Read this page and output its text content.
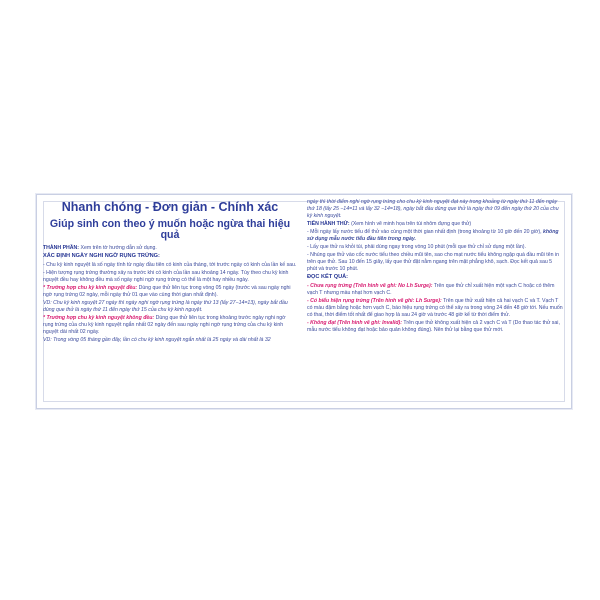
Nhanh chóng - Đơn giản - Chính xác
Giúp sinh con theo ý muốn hoặc ngừa thai hiệu quả
THÀNH PHẦN: Xem trên tờ hướng dẫn sử dụng.
XÁC ĐỊNH NGÀY NGHI NGỜ RỤNG TRỨNG:
- Chu kỳ kinh nguyệt là số ngày tính từ ngày đầu tiên có kinh của tháng, tới trước ngày có kinh của lần kế sau.
- Hiện tượng rụng trứng thường xảy ra trước khi có kinh của lần sau khoảng 14 ngày. Tùy theo chu kỳ kinh nguyệt đều hay không đều mà số ngày nghi ngờ rụng trứng có thể là một hay nhiều ngày.
* Trường hợp chu kỳ kinh nguyệt đều: Dùng que thử liên tục trong vòng 05 ngày (trước và sau ngày nghi ngờ rụng trứng 02 ngày, mỗi ngày thử 01 que vào cùng thời gian nhất định).
VD: Chu kỳ kinh nguyệt 27 ngày thì ngày nghi ngờ rụng trứng là ngày thứ 13 (lấy 27−14=13), ngày bắt đầu dùng que thử là ngày thứ 11 đến ngày thứ 15 của chu kỳ kinh nguyệt.
* Trường hợp chu kỳ kinh nguyệt không đều: Dùng que thử liên tục trong khoảng trước ngày nghi ngờ rụng trứng của chu kỳ kinh nguyệt ngắn nhất 02 ngày đến sau ngày nghi ngờ rụng trứng của chu kỳ kinh nguyệt dài nhất 02 ngày.
VD: Trong vòng 05 tháng gần đây, lần có chu kỳ kinh nguyệt ngắn nhất là 25 ngày và dài nhất là 32
ngày thì thời điểm nghi ngờ rụng trứng cho chu kỳ kinh nguyệt đạt này trong khoảng từ ngày thứ 11 đến ngày thứ 18 (lấy 25 −14=11 và lấy 32 −14=18), ngày bắt đầu dùng que thử là ngày thứ 09 đến ngày thứ 20 của chu kỳ kinh nguyệt.
TIẾN HÀNH THỬ: (Xem hình vẽ minh họa trên túi nhôm đựng que thử)
- Mỗi ngày lấy nước tiểu để thử vào cùng một thời gian nhất định (trong khoảng từ 10 giờ đến 20 giờ), không sử dụng mẫu nước tiểu đầu tiên trong ngày.
- Lấy que thử ra khỏi túi, phải dùng ngay trong vòng 10 phút (mỗi que thử chỉ sử dụng một lần).
- Nhúng que thử vào cốc nước tiểu theo chiều mũi tên, sao cho mạt nước tiểu không ngập quá đầu mũi tên in trên que thử. Sau 10 đến 15 giây, lấy que thử đặt nằm ngang trên mặt phẳng khô, sạch. Đọc kết quả sau 5 phút và trước 10 phút.
ĐỌC KẾT QUẢ:
- Chưa rụng trứng (Trên hình vẽ ghi: No Lh Surge): Trên que thử chỉ xuất hiện một vạch C hoặc có thêm vạch T nhưng màu nhạt hơn vạch C.
- Có biểu hiện rụng trứng (Trên hình vẽ ghi: Lh Surge): Trên que thử xuất hiện cả hai vạch C và T. Vạch T có màu đậm bằng hoặc hơn vạch C, báo hiệu rụng trứng có thể xảy ra trong vòng 24 đến 48 giờ tới. Nếu muốn có thai, thời điểm tốt nhất để giao hợp là sau 24 giờ và trước 48 giờ kể từ thời điểm thử.
- Không đạt (Trên hình vẽ ghi: Invalid): Trên que thử không xuất hiện cả 2 vạch C và T (Do thao tác thử sai, mẫu nước tiểu không đạt hoặc bảo quản không đúng). Nên thử lại bằng que thử mới.
